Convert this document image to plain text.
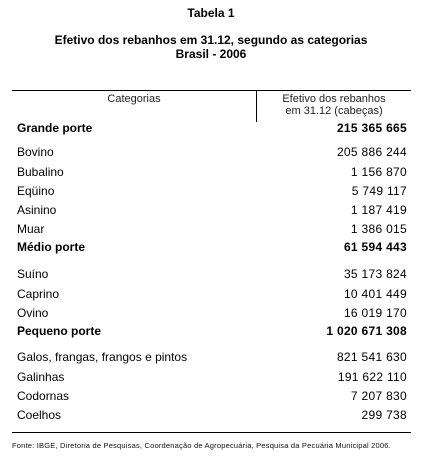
Tabela 1
Efetivo dos rebanhos em 31.12, segundo as categorias
Brasil - 2006
Categorias	Efetivo dos rebanhos
em 31.12 (cabeças)
Grande porte	215 365 665
Bovino	205 886 244
Bubalino	1 156 870
Eqüino	5 749 117
Asinino	1 187 419
Muar	1 386 015
Médio porte	61 594 443
Suíno	35 173 824
Caprino	10 401 449
Ovino	16 019 170
Pequeno porte	1 020 671 308
Galos, frangas, frangos e pintos	821 541 630
Galinhas	191 622 110
Codornas	7 207 830
Coelhos	299 738
Fonte: IBGE, Diretoria de Pesquisas, Coordenação de Agropecuária, Pesquisa da Pecuária Municipal 2006.
